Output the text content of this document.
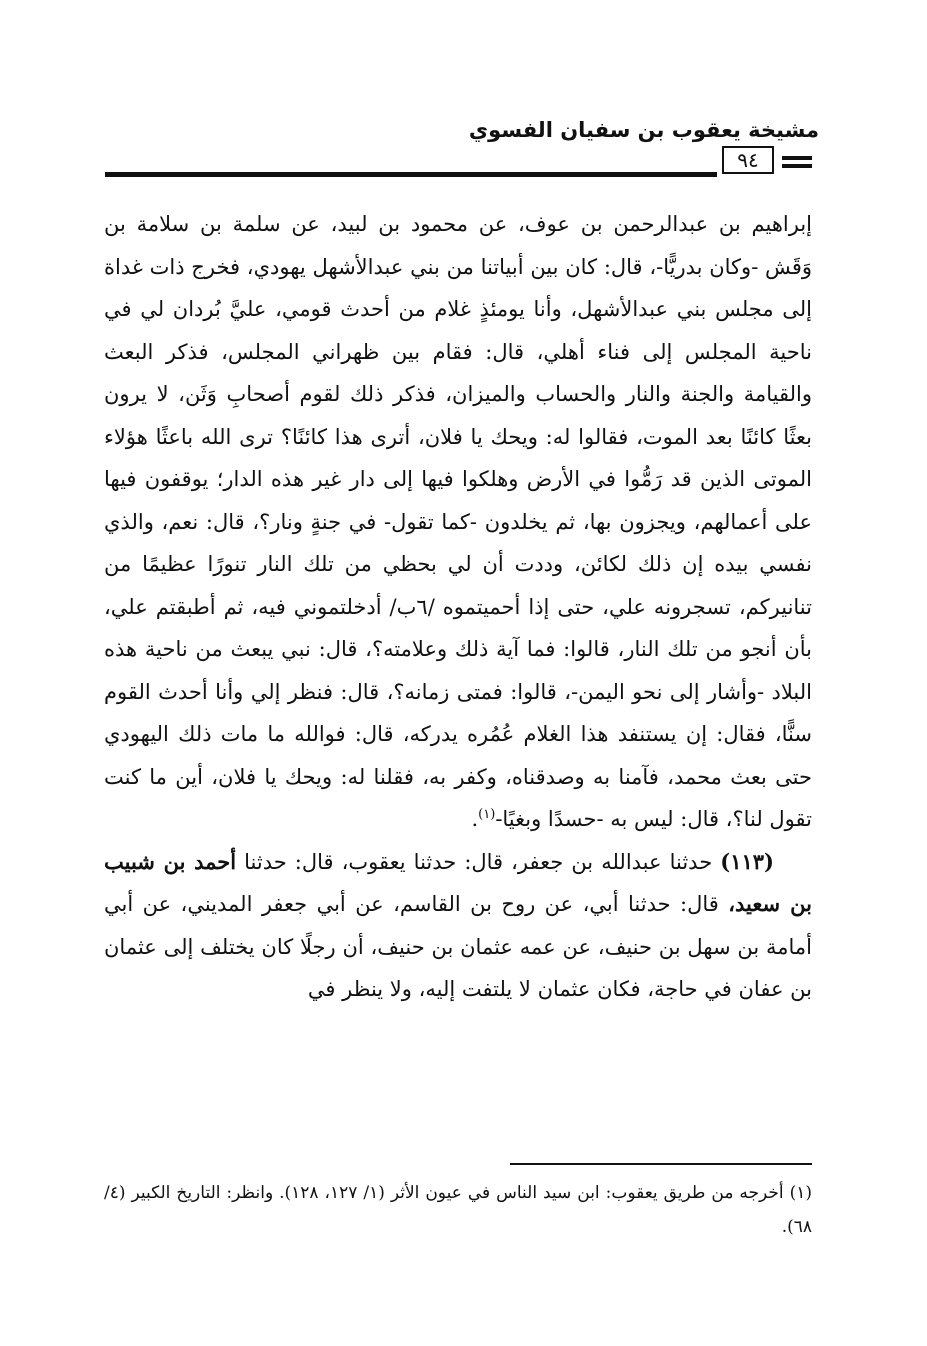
مشيخة يعقوب بن سفيان الفسوي
٩٤

إبراهيم بن عبدالرحمن بن عوف، عن محمود بن لبيد، عن سلمة بن سلامة بن وَقَش -وكان بدريًّا-، قال: كان بين أبياتنا من بني عبدالأشهل يهودي، فخرج ذات غداة إلى مجلس بني عبدالأشهل، وأنا يومئذٍ غلام من أحدث قومي، عليَّ بُردان لي في ناحية المجلس إلى فناء أهلي، قال: فقام بين ظهراني المجلس، فذكر البعث والقيامة والجنة والنار والحساب والميزان، فذكر ذلك لقوم أصحابِ وَثَن، لا يرون بعثًا كائنًا بعد الموت، فقالوا له: ويحك يا فلان، أترى هذا كائنًا؟ ترى الله باعثًا هؤلاء الموتى الذين قد رَمُّوا في الأرض وهلكوا فيها إلى دار غير هذه الدار؛ يوقفون فيها على أعمالهم، ويجزون بها، ثم يخلدون -كما تقول- في جنةٍ ونار؟، قال: نعم، والذي نفسي بيده إن ذلك لكائن، وددت أن لي بحظي من تلك النار تنورًا عظيمًا من تنانيركم، تسجرونه علي، حتى إذا أحميتموه /٦ب/ أدخلتموني فيه، ثم أطبقتم علي، بأن أنجو من تلك النار، قالوا: فما آية ذلك وعلامته؟، قال: نبي يبعث من ناحية هذه البلاد -وأشار إلى نحو اليمن-، قالوا: فمتى زمانه؟، قال: فنظر إلي وأنا أحدث القوم سنًّا، فقال: إن يستنفد هذا الغلام عُمُره يدركه، قال: فوالله ما مات ذلك اليهودي حتى بعث محمد، فآمنا به وصدقناه، وكفر به، فقلنا له: ويحك يا فلان، أين ما كنت تقول لنا؟، قال: ليس به -حسدًا وبغيًا-$^{(١)}$.

(١١٣) حدثنا عبدالله بن جعفر، قال: حدثنا يعقوب، قال: حدثنا أحمد بن شبيب بن سعيد، قال: حدثنا أبي، عن روح بن القاسم، عن أبي جعفر المديني، عن أبي أمامة بن سهل بن حنيف، عن عمه عثمان بن حنيف، أن رجلًا كان يختلف إلى عثمان بن عفان في حاجة، فكان عثمان لا يلتفت إليه، ولا ينظر في

(١) أخرجه من طريق يعقوب: ابن سيد الناس في عيون الأثر (١/ ١٢٧، ١٢٨). وانظر: التاريخ الكبير (٤/ ٦٨).
